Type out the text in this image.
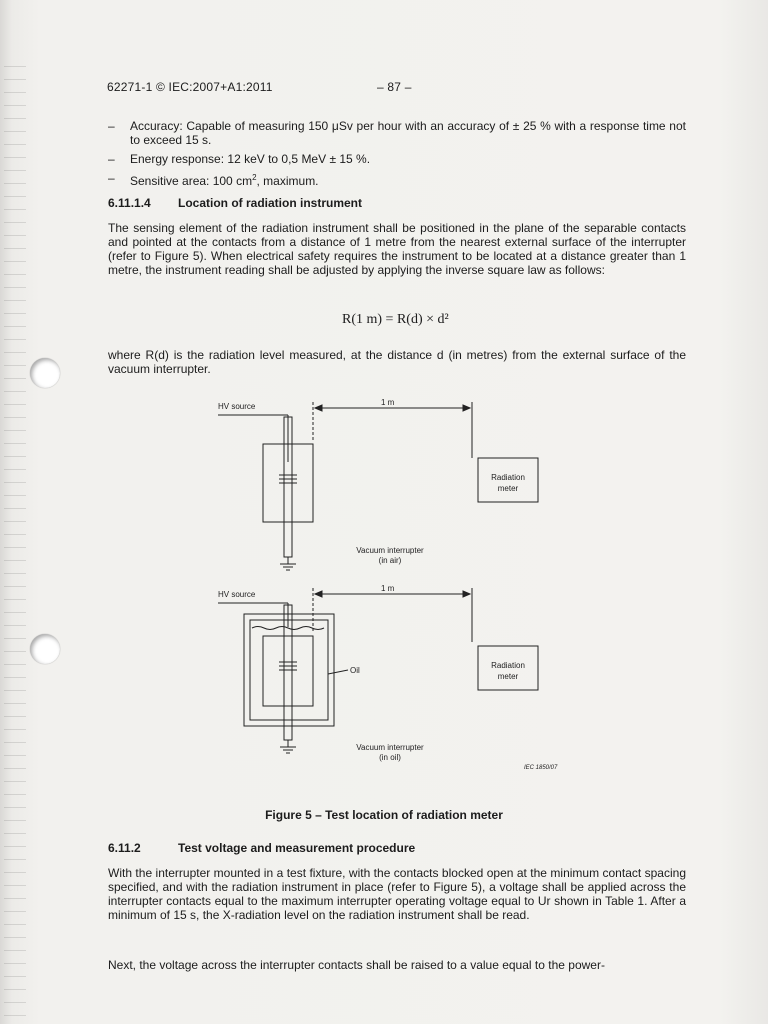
62271-1 © IEC:2007+A1:2011	– 87 –
– Accuracy: Capable of measuring 150 μSv per hour with an accuracy of ± 25 % with a response time not to exceed 15 s.
– Energy response: 12 keV to 0,5 MeV ± 15 %.
– Sensitive area: 100 $cm^2$, maximum.
6.11.1.4 Location of radiation instrument
The sensing element of the radiation instrument shall be positioned in the plane of the separable contacts and pointed at the contacts from a distance of 1 metre from the nearest external surface of the interrupter (refer to Figure 5). When electrical safety requires the instrument to be located at a distance greater than 1 metre, the instrument reading shall be adjusted by applying the inverse square law as follows:
R(1 m) = R(d) × d²
where R(d) is the radiation level measured, at the distance d (in metres) from the external surface of the vacuum interrupter.
HV source	1 m
Radiation
meter
Vacuum interrupter
(in air)
HV source
1 m
Oil
Radiation
meter
Vacuum interrupter
(in oil)
IEC 1850/07
Figure 5 – Test location of radiation meter
6.11.2	Test voltage and measurement procedure
With the interrupter mounted in a test fixture, with the contacts blocked open at the minimum contact spacing specified, and with the radiation instrument in place (refer to Figure 5), a voltage shall be applied across the interrupter contacts equal to the maximum interrupter operating voltage equal to Ur shown in Table 1. After a minimum of 15 s, the X-radiation level on the radiation instrument shall be read.
Next, the voltage across the interrupter contacts shall be raised to a value equal to the power-
